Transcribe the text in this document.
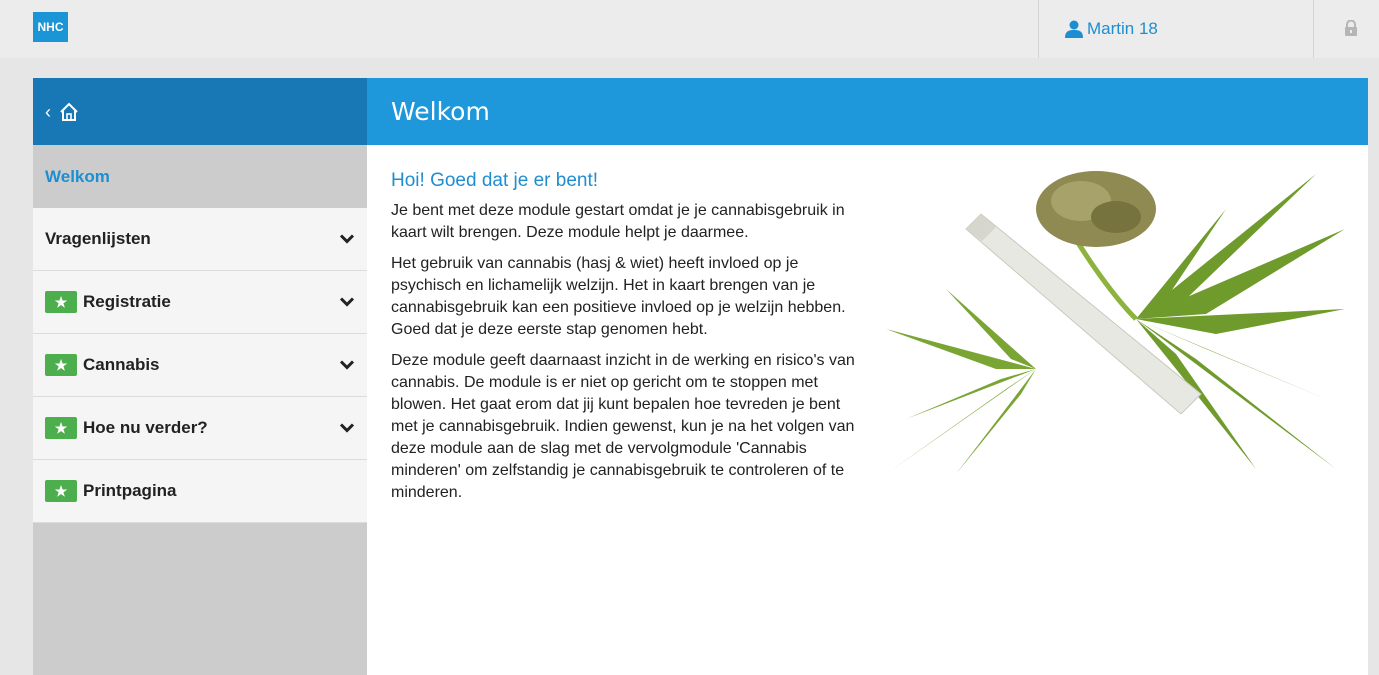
NHC	Martin 18
‹
Welkom
Vragenlijsten
★ Registratie
★ Cannabis
★ Hoe nu verder?
★ Printpagina
Welkom
Hoi! Goed dat je er bent!

Je bent met deze module gestart omdat je je cannabisgebruik in kaart wilt brengen. Deze module helpt je daarmee.

Het gebruik van cannabis (hasj & wiet) heeft invloed op je psychisch en lichamelijk welzijn. Het in kaart brengen van je cannabisgebruik kan een positieve invloed op je welzijn hebben. Goed dat je deze eerste stap genomen hebt.

Deze module geeft daarnaast inzicht in de werking en risico's van cannabis. De module is er niet op gericht om te stoppen met blowen. Het gaat erom dat jij kunt bepalen hoe tevreden je bent met je cannabisgebruik. Indien gewenst, kun je na het volgen van deze module aan de slag met de vervolgmodule 'Cannabis minderen' om zelfstandig je cannabisgebruik te controleren of te minderen.
